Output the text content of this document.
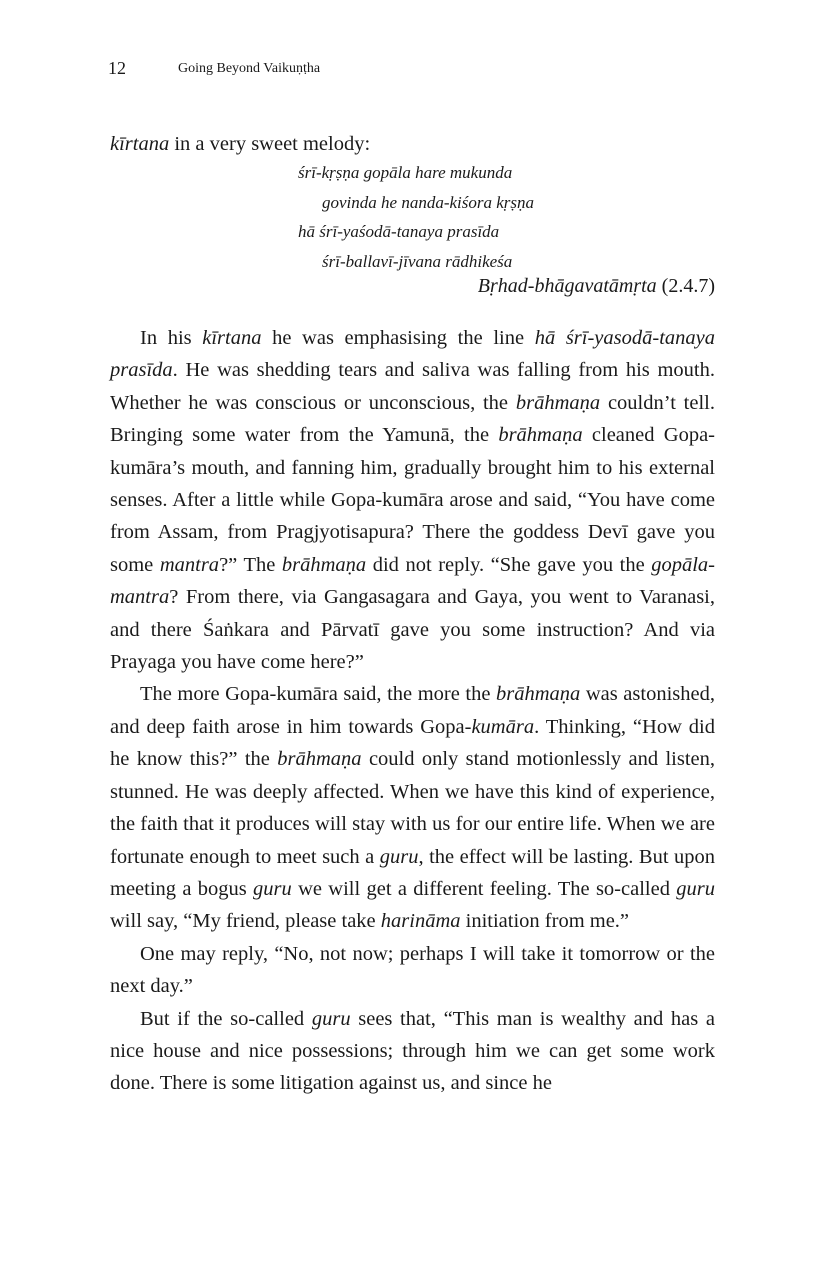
12	Going Beyond Vaikuṇṭha
kīrtana in a very sweet melody:
śrī-kṛṣṇa gopāla hare mukunda
govinda he nanda-kiśora kṛṣṇa
hā śrī-yaśodā-tanaya prasīda
śrī-ballavī-jīvana rādhikeśa
Bṛhad-bhāgavatāmṛta (2.4.7)

In his kīrtana he was emphasising the line hā śrī-yasodā-tanaya prasīda. He was shedding tears and saliva was falling from his mouth. Whether he was conscious or unconscious, the brāhmaṇa couldn’t tell. Bringing some water from the Yamunā, the brāhmaṇa cleaned Gopa-kumāra’s mouth, and fanning him, gradually brought him to his external senses. After a little while Gopa-kumāra arose and said, “You have come from Assam, from Pragjyotisapura? There the goddess Devī gave you some mantra?” The brāhmaṇa did not reply. “She gave you the gopāla-mantra? From there, via Gangasagara and Gaya, you went to Varanasi, and there Śaṅkara and Pārvatī gave you some instruction? And via Prayaga you have come here?”

The more Gopa-kumāra said, the more the brāhmaṇa was astonished, and deep faith arose in him towards Gopa-kumāra. Thinking, “How did he know this?” the brāhmaṇa could only stand motionlessly and listen, stunned. He was deeply affected. When we have this kind of experience, the faith that it produces will stay with us for our entire life. When we are fortunate enough to meet such a guru, the effect will be lasting. But upon meeting a bogus guru we will get a different feeling. The so-called guru will say, “My friend, please take harināma initiation from me.”

One may reply, “No, not now; perhaps I will take it tomorrow or the next day.”

But if the so-called guru sees that, “This man is wealthy and has a nice house and nice possessions; through him we can get some work done. There is some litigation against us, and since he
